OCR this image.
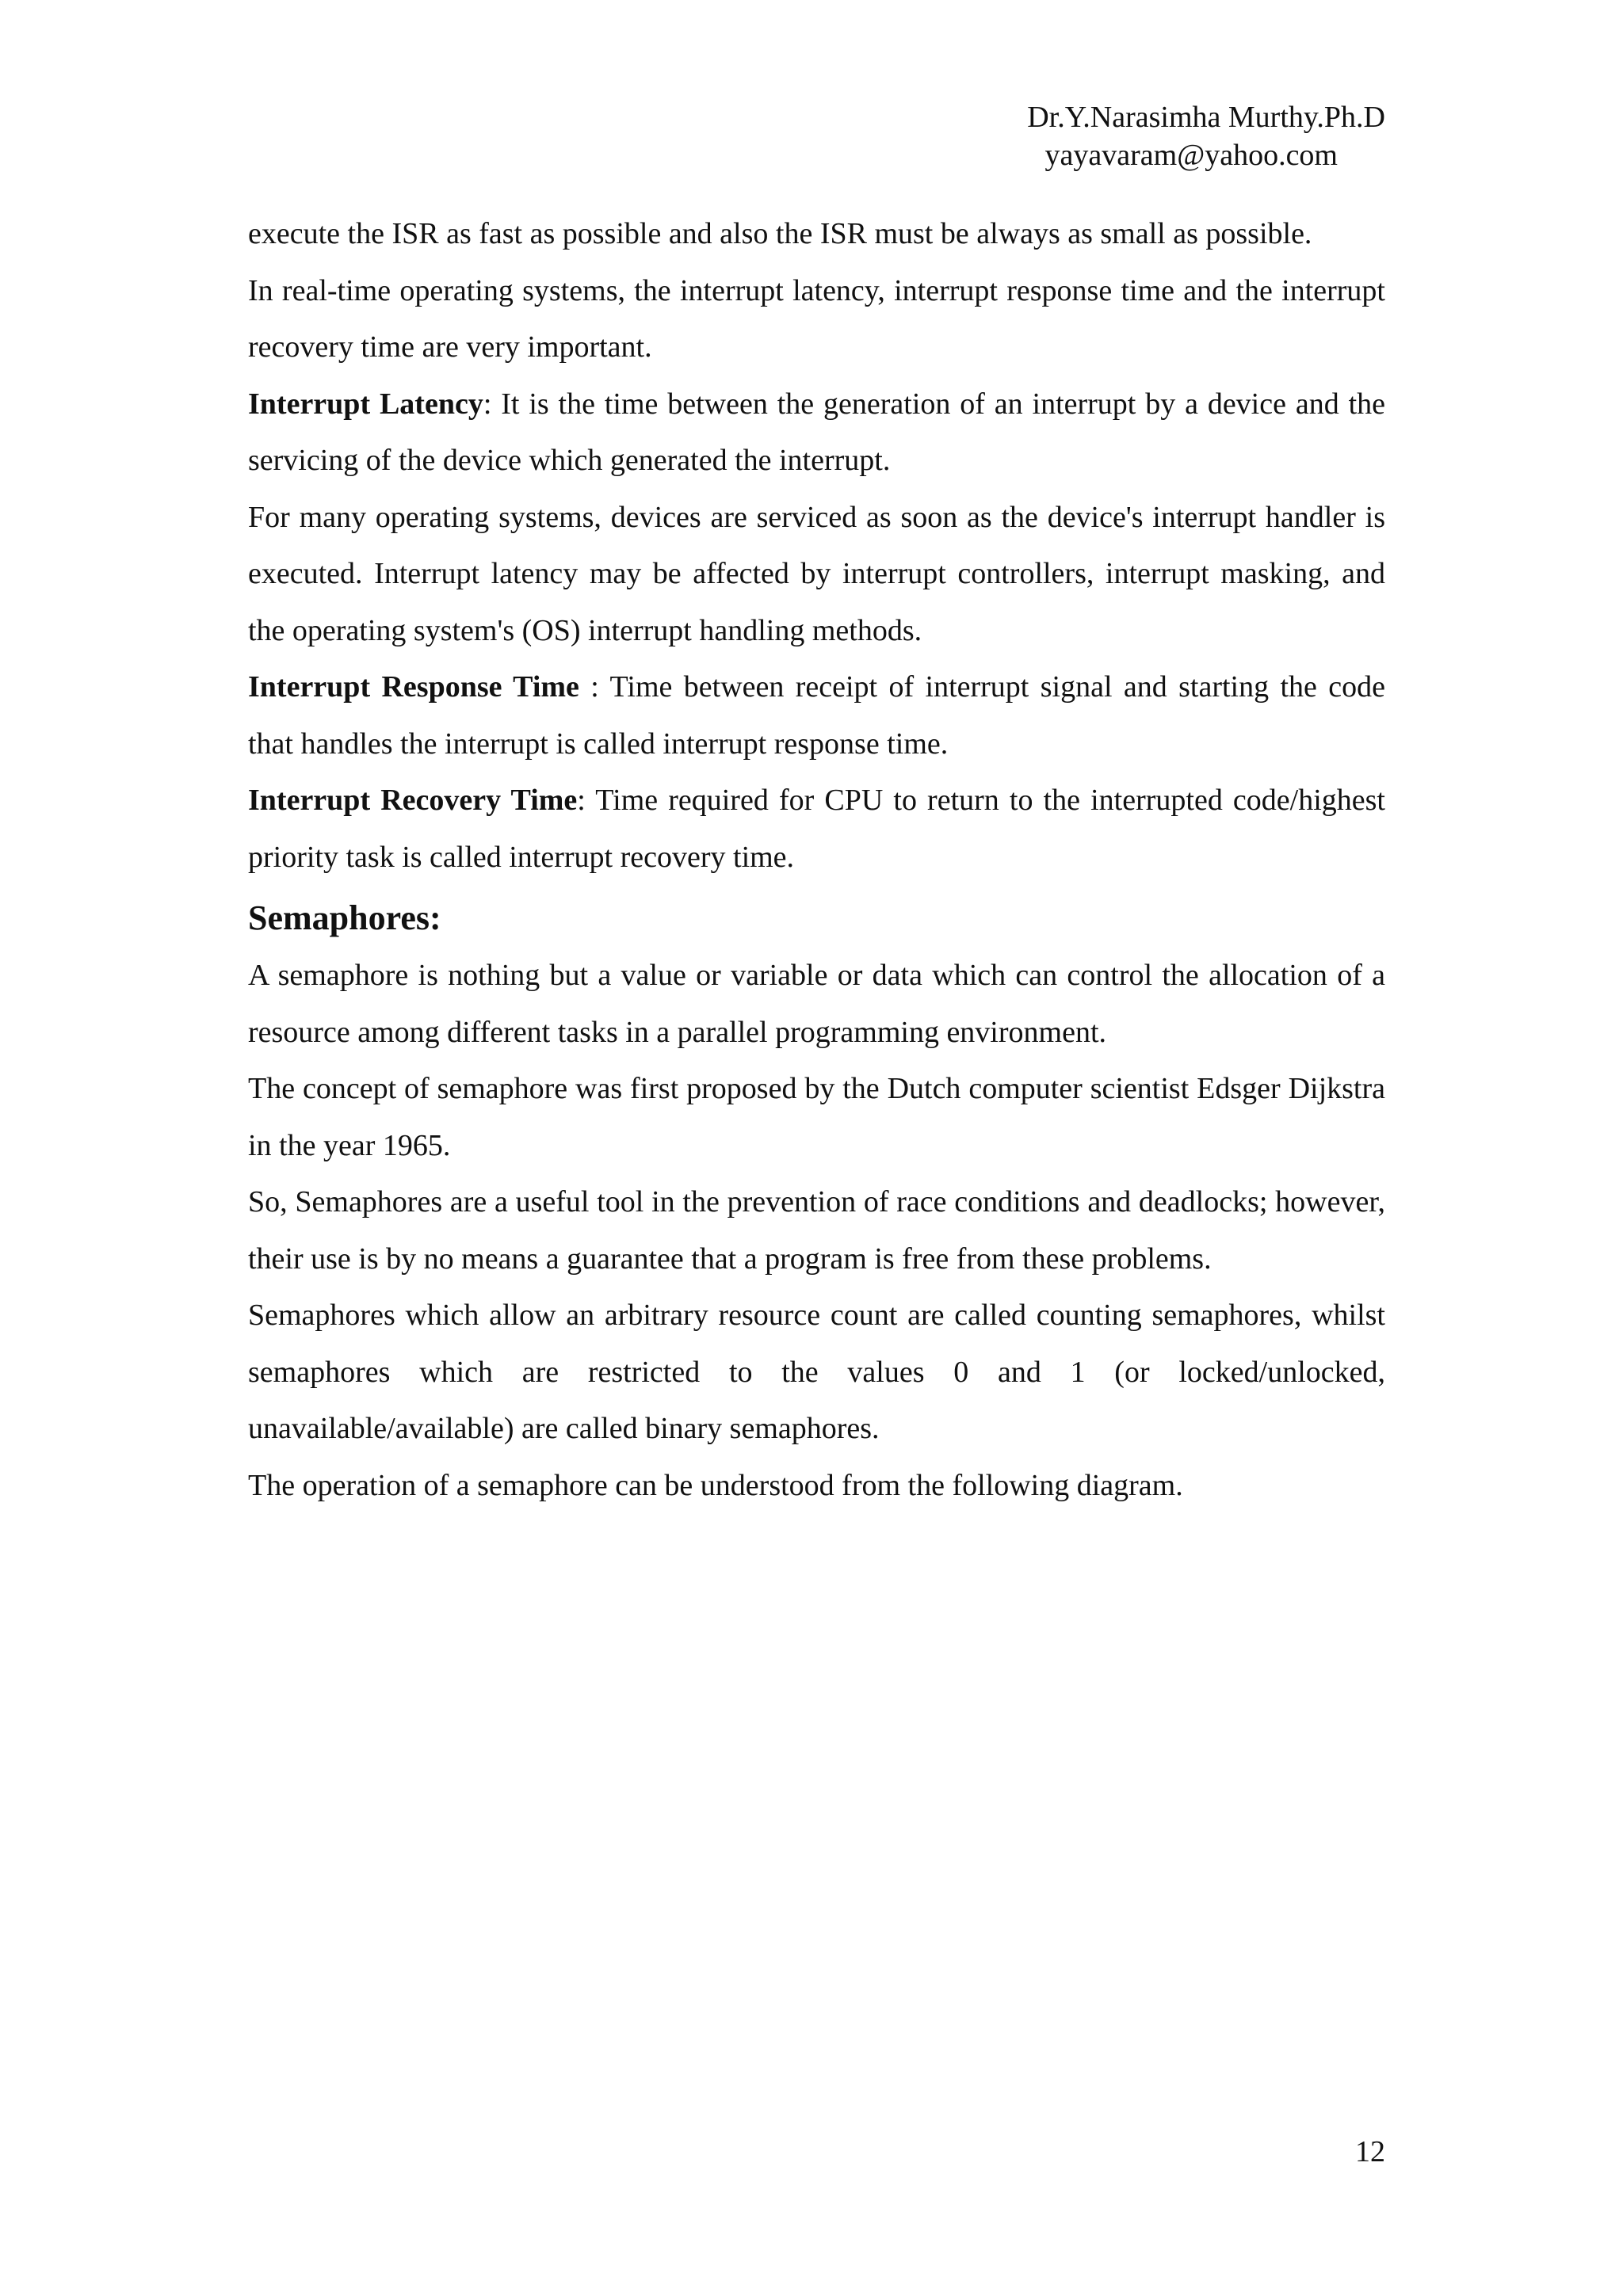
Dr.Y.Narasimha Murthy.Ph.D

yayavaram@yahoo.com

execute the ISR as fast as possible and also the ISR must be always as small as possible.

In real-time operating systems, the interrupt latency, interrupt response time and the interrupt recovery time are very important.

Interrupt Latency: It is the time between the generation of an interrupt by a device and the servicing of the device which generated the interrupt.

For many operating systems, devices are serviced as soon as the device's interrupt handler is executed. Interrupt latency may be affected by interrupt controllers, interrupt masking, and the operating system's (OS) interrupt handling methods.

Interrupt Response Time : Time between receipt of interrupt signal and starting the code that handles the interrupt is called interrupt response time.

Interrupt Recovery Time: Time required for CPU to return to the interrupted code/highest priority task is called interrupt recovery time.

Semaphores:

A semaphore is nothing but a value or variable or data which can control the allocation of a resource among different tasks in a parallel programming environment.

The concept of semaphore was first proposed by the Dutch computer scientist Edsger Dijkstra in the year 1965.

So, Semaphores are a useful tool in the prevention of race conditions and deadlocks; however, their use is by no means a guarantee that a program is free from these problems.

Semaphores which allow an arbitrary resource count are called counting semaphores, whilst semaphores which are restricted to the values 0 and 1 (or locked/unlocked, unavailable/available) are called binary semaphores.

The operation of a semaphore can be understood from the following diagram.

12
